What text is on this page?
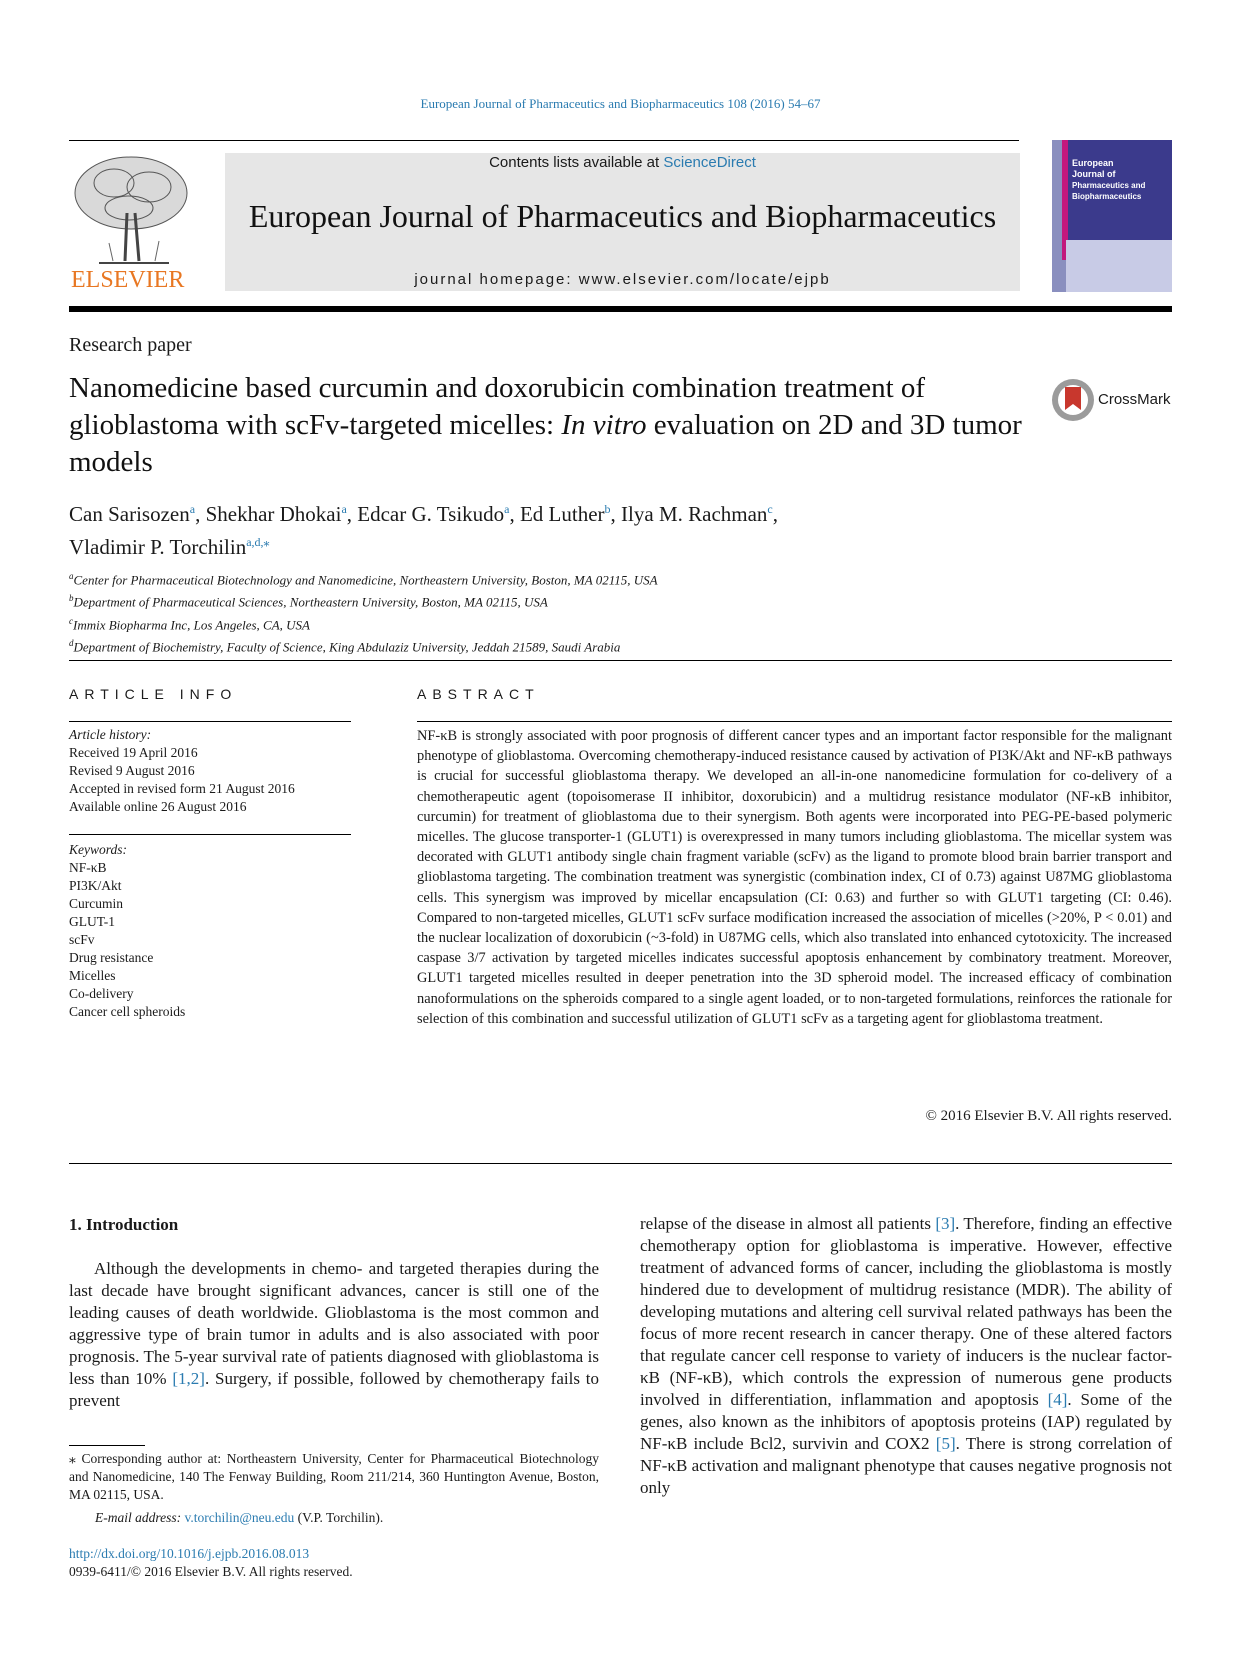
European Journal of Pharmaceutics and Biopharmaceutics 108 (2016) 54–67
ELSEVIER
Contents lists available at ScienceDirect
European Journal of Pharmaceutics and Biopharmaceutics
journal homepage: www.elsevier.com/locate/ejpb
European
Journal of
Pharmaceutics and
Biopharmaceutics
Research paper
Nanomedicine based curcumin and doxorubicin combination treatment of glioblastoma with scFv-targeted micelles: In vitro evaluation on 2D and 3D tumor models
CrossMark
Can Sarisozen$^a$, Shekhar Dhokai$^a$, Edcar G. Tsikudo$^a$, Ed Luther$^b$, Ilya M. Rachman$^c$,
Vladimir P. Torchilin$^{a,d,⁎}$
$^a$Center for Pharmaceutical Biotechnology and Nanomedicine, Northeastern University, Boston, MA 02115, USA
$^b$Department of Pharmaceutical Sciences, Northeastern University, Boston, MA 02115, USA
$^c$Immix Biopharma Inc, Los Angeles, CA, USA
$^d$Department of Biochemistry, Faculty of Science, King Abdulaziz University, Jeddah 21589, Saudi Arabia
ARTICLE INFO
Article history:
Received 19 April 2016
Revised 9 August 2016
Accepted in revised form 21 August 2016
Available online 26 August 2016
Keywords:
NF-κB
PI3K/Akt
Curcumin
GLUT-1
scFv
Drug resistance
Micelles
Co-delivery
Cancer cell spheroids
ABSTRACT
NF-κB is strongly associated with poor prognosis of different cancer types and an important factor responsible for the malignant phenotype of glioblastoma. Overcoming chemotherapy-induced resistance caused by activation of PI3K/Akt and NF-κB pathways is crucial for successful glioblastoma therapy. We developed an all-in-one nanomedicine formulation for co-delivery of a chemotherapeutic agent (topoisomerase II inhibitor, doxorubicin) and a multidrug resistance modulator (NF-κB inhibitor, curcumin) for treatment of glioblastoma due to their synergism. Both agents were incorporated into PEG-PE-based polymeric micelles. The glucose transporter-1 (GLUT1) is overexpressed in many tumors including glioblastoma. The micellar system was decorated with GLUT1 antibody single chain fragment variable (scFv) as the ligand to promote blood brain barrier transport and glioblastoma targeting. The combination treatment was synergistic (combination index, CI of 0.73) against U87MG glioblastoma cells. This synergism was improved by micellar encapsulation (CI: 0.63) and further so with GLUT1 targeting (CI: 0.46). Compared to non-targeted micelles, GLUT1 scFv surface modification increased the association of micelles (>20%, P < 0.01) and the nuclear localization of doxorubicin (~3-fold) in U87MG cells, which also translated into enhanced cytotoxicity. The increased caspase 3/7 activation by targeted micelles indicates successful apoptosis enhancement by combinatory treatment. Moreover, GLUT1 targeted micelles resulted in deeper penetration into the 3D spheroid model. The increased efficacy of combination nanoformulations on the spheroids compared to a single agent loaded, or to non-targeted formulations, reinforces the rationale for selection of this combination and successful utilization of GLUT1 scFv as a targeting agent for glioblastoma treatment.
© 2016 Elsevier B.V. All rights reserved.
1. Introduction
Although the developments in chemo- and targeted therapies during the last decade have brought significant advances, cancer is still one of the leading causes of death worldwide. Glioblastoma is the most common and aggressive type of brain tumor in adults and is also associated with poor prognosis. The 5-year survival rate of patients diagnosed with glioblastoma is less than 10% [1,2]. Surgery, if possible, followed by chemotherapy fails to prevent
relapse of the disease in almost all patients [3]. Therefore, finding an effective chemotherapy option for glioblastoma is imperative. However, effective treatment of advanced forms of cancer, including the glioblastoma is mostly hindered due to development of multidrug resistance (MDR). The ability of developing mutations and altering cell survival related pathways has been the focus of more recent research in cancer therapy. One of these altered factors that regulate cancer cell response to variety of inducers is the nuclear factor-κB (NF-κB), which controls the expression of numerous gene products involved in differentiation, inflammation and apoptosis [4]. Some of the genes, also known as the inhibitors of apoptosis proteins (IAP) regulated by NF-κB include Bcl2, survivin and COX2 [5]. There is strong correlation of NF-κB activation and malignant phenotype that causes negative prognosis not only
⁎ Corresponding author at: Northeastern University, Center for Pharmaceutical Biotechnology and Nanomedicine, 140 The Fenway Building, Room 211/214, 360 Huntington Avenue, Boston, MA 02115, USA.
E-mail address: v.torchilin@neu.edu (V.P. Torchilin).
http://dx.doi.org/10.1016/j.ejpb.2016.08.013
0939-6411/© 2016 Elsevier B.V. All rights reserved.
